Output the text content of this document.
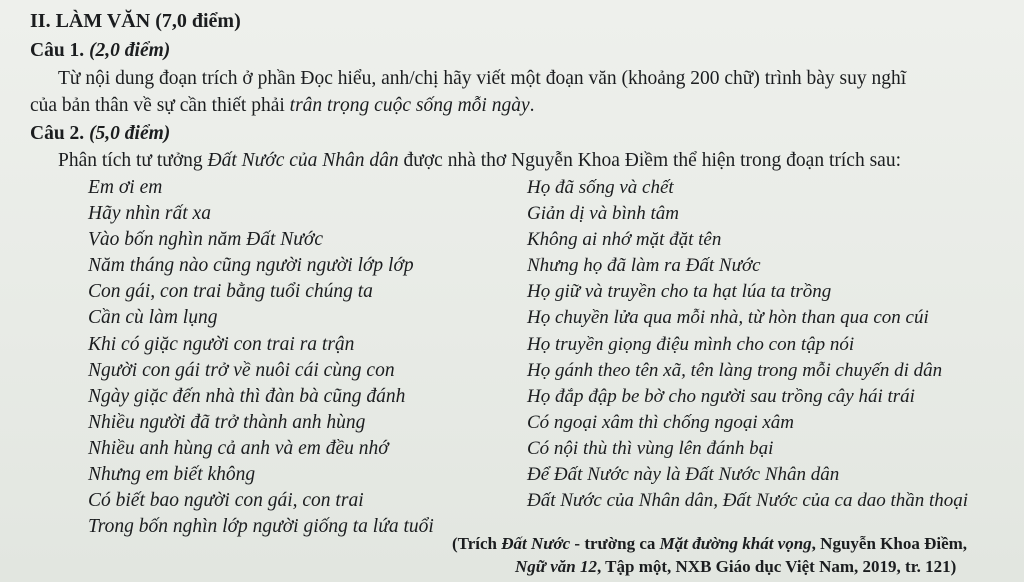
II. LÀM VĂN (7,0 điểm)
Câu 1. (2,0 điểm)
Từ nội dung đoạn trích ở phần Đọc hiểu, anh/chị hãy viết một đoạn văn (khoảng 200 chữ) trình bày suy nghĩ
của bản thân về sự cần thiết phải trân trọng cuộc sống mỗi ngày.
Câu 2. (5,0 điểm)
Phân tích tư tưởng Đất Nước của Nhân dân được nhà thơ Nguyễn Khoa Điềm thể hiện trong đoạn trích sau:
Em ơi em
Hãy nhìn rất xa
Vào bốn nghìn năm Đất Nước
Năm tháng nào cũng người người lớp lớp
Con gái, con trai bằng tuổi chúng ta
Cần cù làm lụng
Khi có giặc người con trai ra trận
Người con gái trở về nuôi cái cùng con
Ngày giặc đến nhà thì đàn bà cũng đánh
Nhiều người đã trở thành anh hùng
Nhiều anh hùng cả anh và em đều nhớ
Nhưng em biết không
Có biết bao người con gái, con trai
Trong bốn nghìn lớp người giống ta lứa tuổi
Họ đã sống và chết
Giản dị và bình tâm
Không ai nhớ mặt đặt tên
Nhưng họ đã làm ra Đất Nước
Họ giữ và truyền cho ta hạt lúa ta trồng
Họ chuyền lửa qua mỗi nhà, từ hòn than qua con cúi
Họ truyền giọng điệu mình cho con tập nói
Họ gánh theo tên xã, tên làng trong mỗi chuyến di dân
Họ đắp đập be bờ cho người sau trồng cây hái trái
Có ngoại xâm thì chống ngoại xâm
Có nội thù thì vùng lên đánh bại
Để Đất Nước này là Đất Nước Nhân dân
Đất Nước của Nhân dân, Đất Nước của ca dao thần thoại
(Trích Đất Nước - trường ca Mặt đường khát vọng, Nguyễn Khoa Điềm,
Ngữ văn 12, Tập một, NXB Giáo dục Việt Nam, 2019, tr. 121)
